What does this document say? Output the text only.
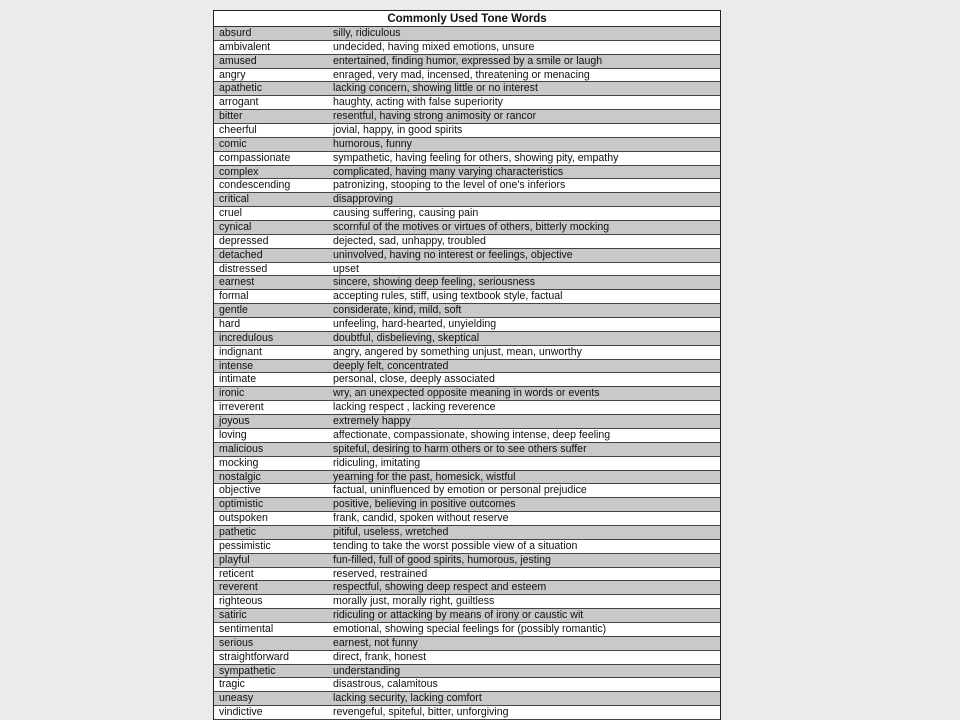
Commonly Used Tone Words
absurd	silly, ridiculous
ambivalent	undecided, having mixed emotions, unsure
amused	entertained, finding humor, expressed by a smile or laugh
angry	enraged, very mad, incensed, threatening or menacing
apathetic	lacking concern, showing little or no interest
arrogant	haughty, acting with false superiority
bitter	resentful, having strong animosity or rancor
cheerful	jovial, happy, in good spirits
comic	humorous, funny
compassionate	sympathetic, having feeling for others, showing pity, empathy
complex	complicated, having many varying characteristics
condescending	patronizing, stooping to the level of one's inferiors
critical	disapproving
cruel	causing suffering, causing pain
cynical	scornful of the motives or virtues of others, bitterly mocking
depressed	dejected, sad, unhappy, troubled
detached	uninvolved, having no interest or feelings, objective
distressed	upset
earnest	sincere, showing deep feeling, seriousness
formal	accepting rules, stiff, using textbook style, factual
gentle	considerate, kind, mild, soft
hard	unfeeling, hard-hearted, unyielding
incredulous	doubtful, disbelieving, skeptical
indignant	angry, angered by something unjust, mean, unworthy
intense	deeply felt, concentrated
intimate	personal, close, deeply associated
ironic	wry, an unexpected opposite meaning in words or events
irreverent	lacking respect , lacking reverence
joyous	extremely happy
loving	affectionate, compassionate, showing intense, deep feeling
malicious	spiteful, desiring to harm others or to see others suffer
mocking	ridiculing, imitating
nostalgic	yearning for the past, homesick, wistful
objective	factual, uninfluenced by emotion or personal prejudice
optimistic	positive, believing in positive outcomes
outspoken	frank, candid, spoken without reserve
pathetic	pitiful, useless, wretched
pessimistic	tending to take the worst possible view of a situation
playful	fun-filled, full of good spirits, humorous, jesting
reticent	reserved, restrained
reverent	respectful, showing deep respect and esteem
righteous	morally just, morally right, guiltless
satiric	ridiculing or attacking by means of irony or caustic wit
sentimental	emotional, showing special feelings for (possibly romantic)
serious	earnest, not funny
straightforward	direct, frank, honest
sympathetic	understanding
tragic	disastrous, calamitous
uneasy	lacking security, lacking comfort
vindictive	revengeful, spiteful, bitter, unforgiving
